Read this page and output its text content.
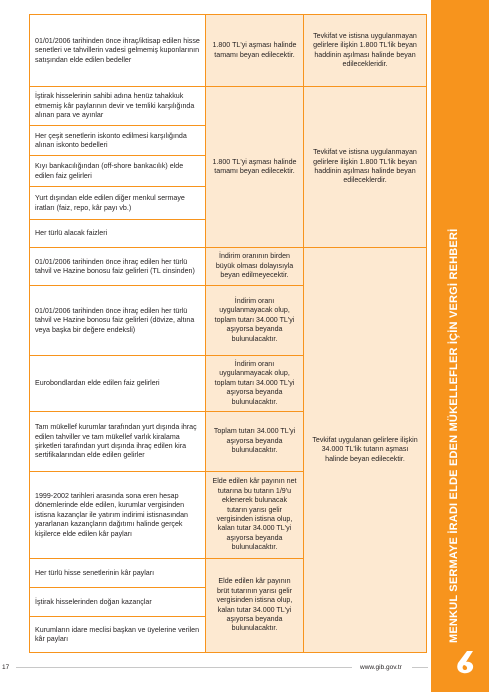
01/01/2006 tarihinden önce ihraç/iktisap edilen hisse senetleri ve tahvillerin vadesi gelmemiş kuponlarının satışından elde edilen bedeller
İştirak hisselerinin sahibi adına henüz tahakkuk etmemiş kâr paylarının devir ve temliki karşılığında alınan para ve ayınlar
Her çeşit senetlerin iskonto edilmesi karşılığında alınan iskonto bedelleri
Kıyı bankacılığından (off-shore bankacılık) elde edilen faiz gelirleri
Yurt dışından elde edilen diğer menkul sermaye iratları (faiz, repo, kâr payı vb.)
Her türlü alacak faizleri
01/01/2006 tarihinden önce ihraç edilen her türlü tahvil ve Hazine bonosu faiz gelirleri (TL cinsinden)
01/01/2006 tarihinden önce ihraç edilen her türlü tahvil ve Hazine bonosu faiz gelirleri (dövize, altına veya başka bir değere endeksli)
Eurobondlardan elde edilen faiz gelirleri
Tam mükellef kurumlar tarafından yurt dışında ihraç edilen tahviller ve tam mükellef varlık kiralama şirketleri tarafından yurt dışında ihraç edilen kira sertifikalarından elde edilen gelirler
1999-2002 tarihleri arasında sona eren hesap dönemlerinde elde edilen, kurumlar vergisinden istisna kazançlar ile yatırım indirimi istisnasından yararlanan kazançların dağıtımı halinde gerçek kişilerce elde edilen kâr payları
Her türlü hisse senetlerinin kâr payları
İştirak hisselerinden doğan kazançlar
Kurumların idare meclisi başkan ve üyelerine verilen kâr payları
1.800 TL'yi aşması halinde tamamı beyan edilecektir.
1.800 TL'yi aşması halinde tamamı beyan edilecektir.
İndirim oranının birden büyük olması dolayısıyla beyan edilmeyecektir.
İndirim oranı uygulanmayacak olup, toplam tutarı 34.000 TL'yi aşıyorsa beyanda bulunulacaktır.
İndirim oranı uygulanmayacak olup, toplam tutarı 34.000 TL'yi aşıyorsa beyanda bulunulacaktır.
Toplam tutarı 34.000 TL'yi aşıyorsa beyanda bulunulacaktır.
Elde edilen kâr payının net tutarına bu tutarın 1/9'u eklenerek bulunacak tutarın yarısı gelir vergisinden istisna olup, kalan tutar 34.000 TL'yi aşıyorsa beyanda bulunulacaktır.
Elde edilen kâr payının brüt tutarının yarısı gelir vergisinden istisna olup, kalan tutar 34.000 TL'yi aşıyorsa beyanda bulunulacaktır.
Tevkifat ve istisna uygulanmayan gelirlere ilişkin 1.800 TL'lik beyan haddinin aşılması halinde beyan edilecekleridir.
Tevkifat ve istisna uygulanmayan gelirlere ilişkin 1.800 TL'lik beyan haddinin aşılması halinde beyan edileceklerdir.
Tevkifat uygulanan gelirlere ilişkin 34.000 TL'lik tutarın aşması halinde beyan edilecektir.	MENKUL SERMAYE İRADI ELDE EDEN MÜKELLEFLER İÇİN VERGİ REHBERİ
17	www.gib.gov.tr
